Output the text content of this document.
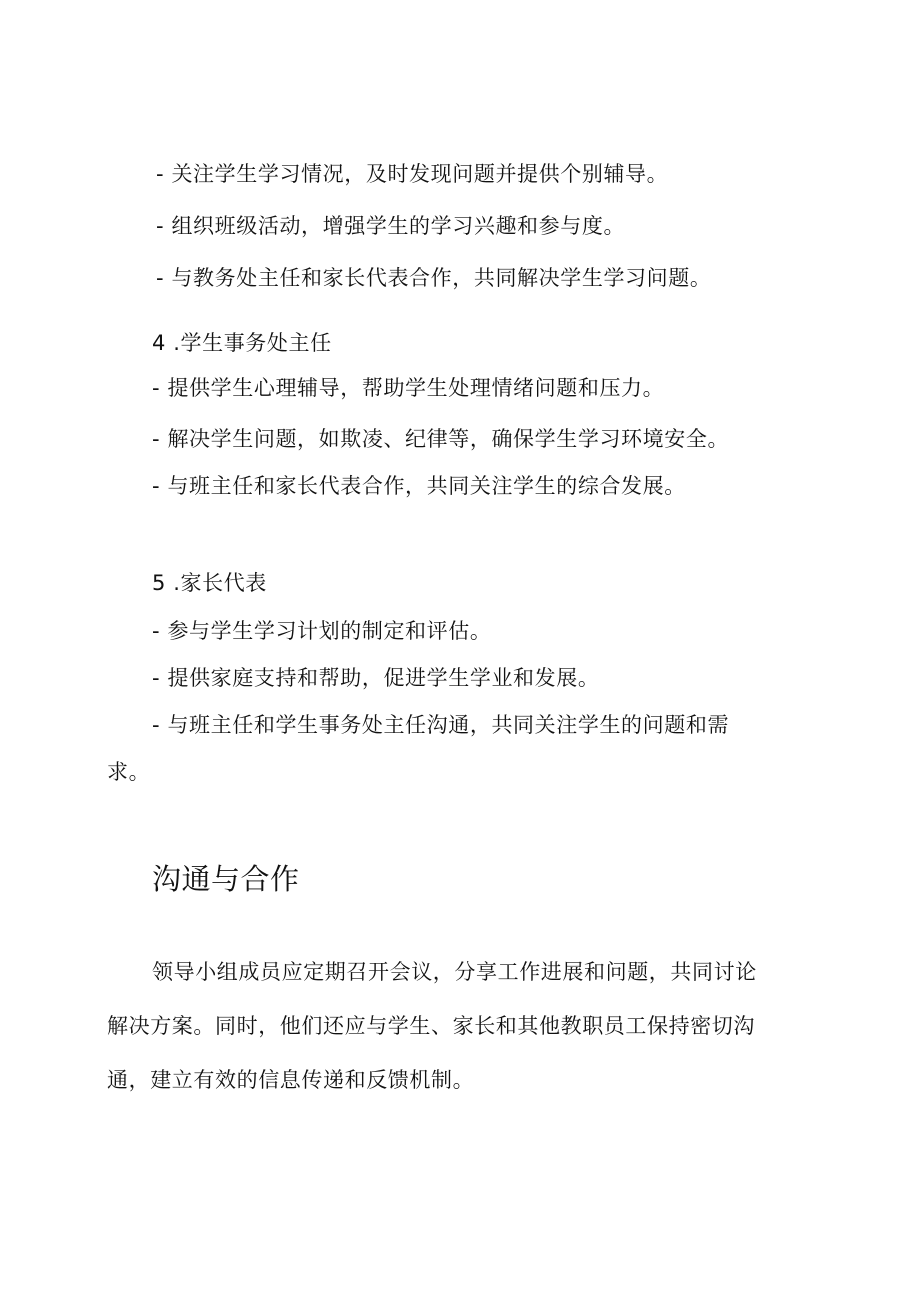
- 关注学生学习情况，及时发现问题并提供个别辅导。
- 组织班级活动，增强学生的学习兴趣和参与度。
- 与教务处主任和家长代表合作，共同解决学生学习问题。
4 .学生事务处主任
- 提供学生心理辅导，帮助学生处理情绪问题和压力。
- 解决学生问题，如欺凌、纪律等，确保学生学习环境安全。
- 与班主任和家长代表合作，共同关注学生的综合发展。
5 .家长代表
- 参与学生学习计划的制定和评估。
- 提供家庭支持和帮助，促进学生学业和发展。
- 与班主任和学生事务处主任沟通，共同关注学生的问题和需
求。
沟通与合作
领导小组成员应定期召开会议，分享工作进展和问题，共同讨论
解决方案。同时，他们还应与学生、家长和其他教职员工保持密切沟
通，建立有效的信息传递和反馈机制。
